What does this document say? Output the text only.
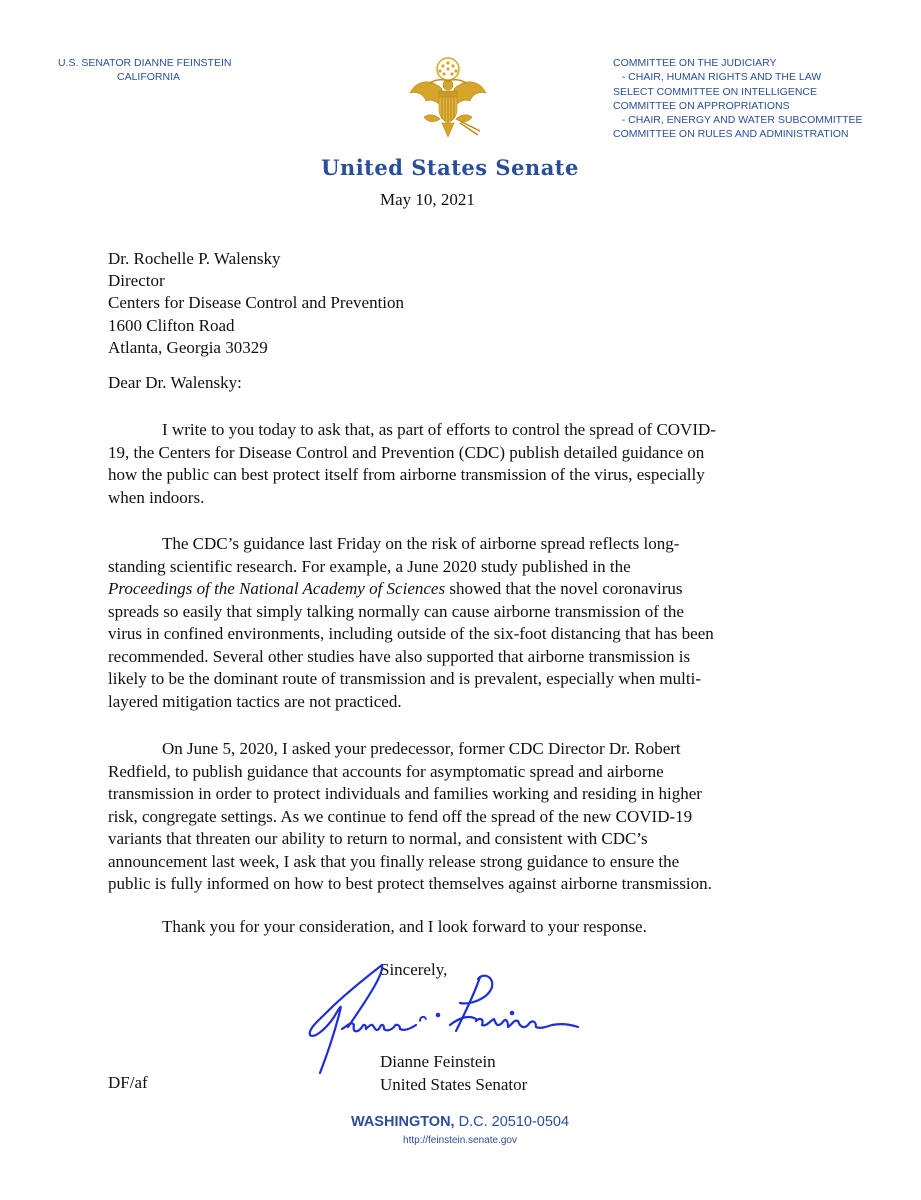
U.S. SENATOR DIANNE FEINSTEIN
CALIFORNIA
COMMITTEE ON THE JUDICIARY
- CHAIR, HUMAN RIGHTS AND THE LAW
SELECT COMMITTEE ON INTELLIGENCE
COMMITTEE ON APPROPRIATIONS
- CHAIR, ENERGY AND WATER SUBCOMMITTEE
COMMITTEE ON RULES AND ADMINISTRATION
United States Senate
May 10, 2021
Dr. Rochelle P. Walensky
Director
Centers for Disease Control and Prevention
1600 Clifton Road
Atlanta, Georgia 30329
Dear Dr. Walensky:
I write to you today to ask that, as part of efforts to control the spread of COVID-
19, the Centers for Disease Control and Prevention (CDC) publish detailed guidance on
how the public can best protect itself from airborne transmission of the virus, especially
when indoors.
The CDC’s guidance last Friday on the risk of airborne spread reflects long-
standing scientific research. For example, a June 2020 study published in the
Proceedings of the National Academy of Sciences showed that the novel coronavirus
spreads so easily that simply talking normally can cause airborne transmission of the
virus in confined environments, including outside of the six-foot distancing that has been
recommended. Several other studies have also supported that airborne transmission is
likely to be the dominant route of transmission and is prevalent, especially when multi-
layered mitigation tactics are not practiced.
On June 5, 2020, I asked your predecessor, former CDC Director Dr. Robert
Redfield, to publish guidance that accounts for asymptomatic spread and airborne
transmission in order to protect individuals and families working and residing in higher
risk, congregate settings. As we continue to fend off the spread of the new COVID-19
variants that threaten our ability to return to normal, and consistent with CDC’s
announcement last week, I ask that you finally release strong guidance to ensure the
public is fully informed on how to best protect themselves against airborne transmission.
Thank you for your consideration, and I look forward to your response.
Sincerely,
Dianne Feinstein
United States Senator
DF/af
WASHINGTON, D.C. 20510-0504
http://feinstein.senate.gov
